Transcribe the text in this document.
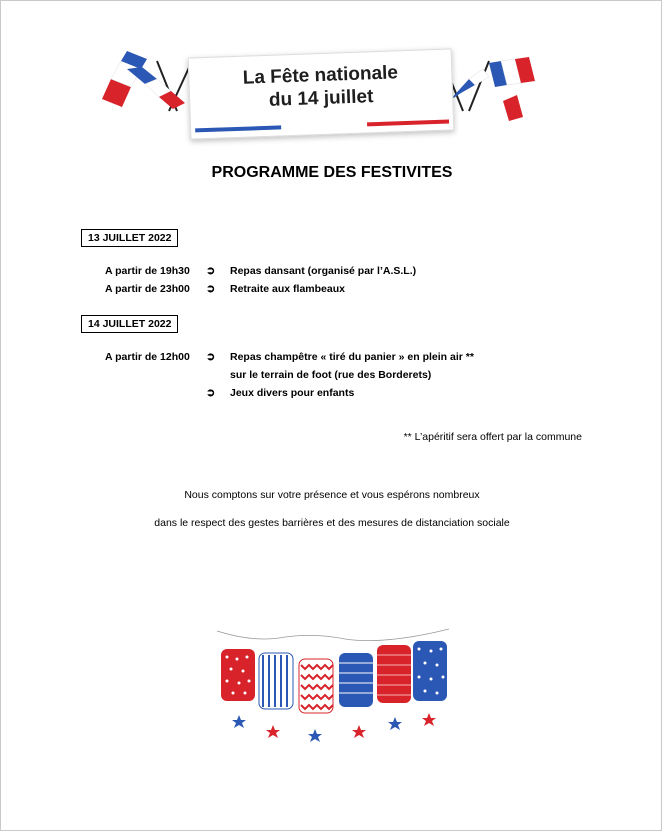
La Fête nationale
du 14 juillet
PROGRAMME DES FESTIVITES
13 JUILLET 2022
A partir de 19h30 ➲ Repas dansant (organisé par l’A.S.L.)
A partir de 23h00 ➲ Retraite aux flambeaux
14 JUILLET 2022
A partir de 12h00 ➲ Repas champêtre « tiré du panier » en plein air **
sur le terrain de foot (rue des Borderets)
➲ Jeux divers pour enfants
** L’apéritif sera offert par la commune
Nous comptons sur votre présence et vous espérons nombreux
dans le respect des gestes barrières et des mesures de distanciation sociale
